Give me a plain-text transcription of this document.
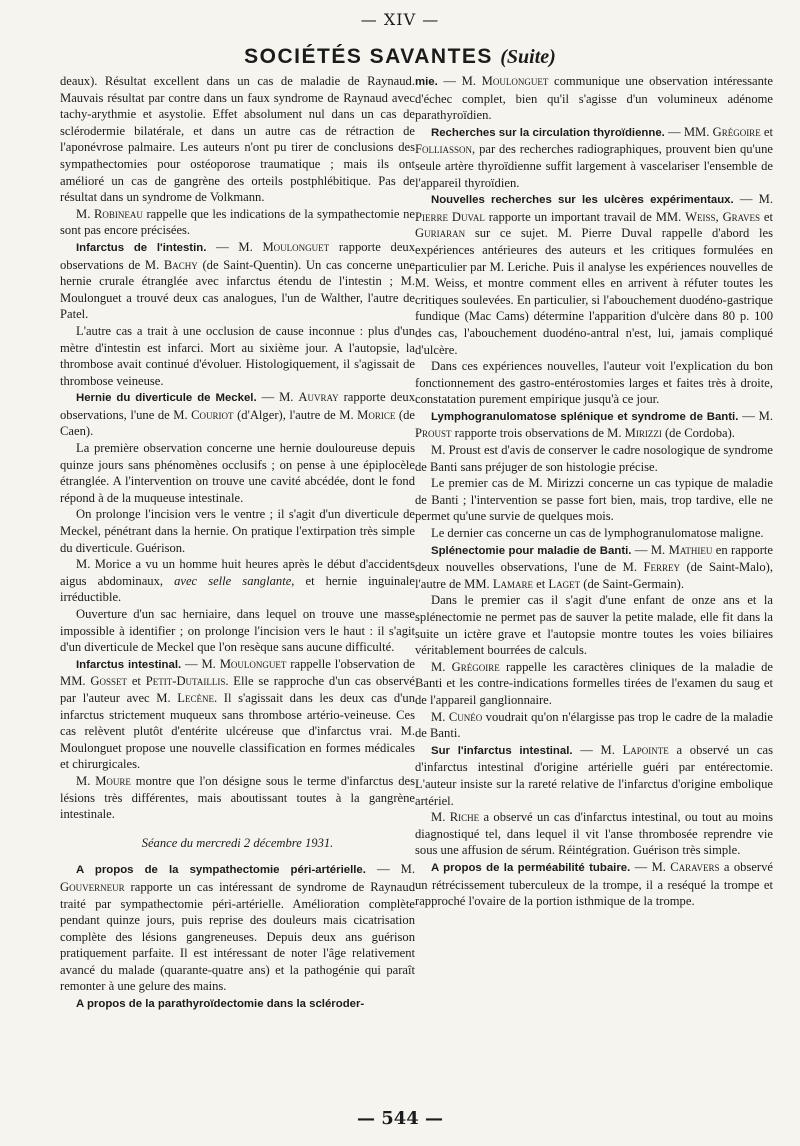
— XIV —
SOCIÉTÉS SAVANTES (Suite)

deaux). Résultat excellent dans un cas de maladie de Raynaud. Mauvais résultat par contre dans un faux syndrome de Raynaud avec tachy-arythmie et asystolie. Effet absolument nul dans un cas de sclérodermie bilatérale, et dans un autre cas de rétraction de l'aponévrose palmaire. Les auteurs n'ont pu tirer de conclusions des sympathectomies pour ostéoporose traumatique ; mais ils ont amélioré un cas de gangrène des orteils postphlébitique. Pas de résultat dans un syndrome de Volkmann.

M. Robineau rappelle que les indications de la sympathectomie ne sont pas encore précisées.

Infarctus de l'intestin. — M. Moulonguet rapporte deux observations de M. Bachy (de Saint-Quentin). Un cas concerne une hernie crurale étranglée avec infarctus étendu de l'intestin ; M. Moulonguet a trouvé deux cas analogues, l'un de Walther, l'autre de Patel.

L'autre cas a trait à une occlusion de cause inconnue : plus d'un mètre d'intestin est infarci. Mort au sixième jour. A l'autopsie, la thrombose avait continué d'évoluer. Histologiquement, il s'agissait de thrombose veineuse.

Hernie du diverticule de Meckel. — M. Auvray rapporte deux observations, l'une de M. Couriot (d'Alger), l'autre de M. Morice (de Caen).

La première observation concerne une hernie douloureuse depuis quinze jours sans phénomènes occlusifs ; on pense à une épiplocèle étranglée. A l'intervention on trouve une cavité abcédée, dont le fond répond à de la muqueuse intestinale.

On prolonge l'incision vers le ventre ; il s'agit d'un diverticule de Meckel, pénétrant dans la hernie. On pratique l'extirpation très simple du diverticule. Guérison.

M. Morice a vu un homme huit heures après le début d'accidents aigus abdominaux, avec selle sanglante, et hernie inguinale irréductible.

Ouverture d'un sac herniaire, dans lequel on trouve une masse impossible à identifier ; on prolonge l'incision vers le haut : il s'agit d'un diverticule de Meckel que l'on resèque sans aucune difficulté.

Infarctus intestinal. — M. Moulonguet rappelle l'observation de MM. Gosset et Petit-Dutaillis. Elle se rapproche d'un cas observé par l'auteur avec M. Lecène. Il s'agissait dans les deux cas d'un infarctus strictement muqueux sans thrombose artério-veineuse. Ces cas relèvent plutôt d'entérite ulcéreuse que d'infarctus vrai. M. Moulonguet propose une nouvelle classification en formes médicales et chirurgicales.

M. Moure montre que l'on désigne sous le terme d'infarctus des lésions très différentes, mais aboutissant toutes à la gangrène intestinale.

Séance du mercredi 2 décembre 1931.

A propos de la sympathectomie péri-artérielle. — M. Gouverneur rapporte un cas intéressant de syndrome de Raynaud traité par sympathectomie péri-artérielle. Amélioration complète pendant quinze jours, puis reprise des douleurs mais cicatrisation complète des lésions gangreneuses. Depuis deux ans guérison pratiquement parfaite. Il est intéressant de noter l'âge relativement avancé du malade (quarante-quatre ans) et la pathogénie qui paraît remonter à une gelure des mains.

A propos de la parathyroïdectomie dans la scléroder-

mie. — M. Moulonguet communique une observation intéressante d'échec complet, bien qu'il s'agisse d'un volumineux adénome parathyroïdien.

Recherches sur la circulation thyroïdienne. — MM. Grégoire et Folliasson, par des recherches radiographiques, prouvent bien qu'une seule artère thyroïdienne suffit largement à vascelariser l'ensemble de l'appareil thyroïdien.

Nouvelles recherches sur les ulcères expérimentaux. — M. Pierre Duval rapporte un important travail de MM. Weiss, Graves et Guriaran sur ce sujet. M. Pierre Duval rappelle d'abord les expériences antérieures des auteurs et les critiques formulées en particulier par M. Leriche. Puis il analyse les expériences nouvelles de M. Weiss, et montre comment elles en arrivent à réfuter toutes les critiques soulevées. En particulier, si l'abouchement duodéno-gastrique fundique (Mac Cams) détermine l'apparition d'ulcère dans 80 p. 100 des cas, l'abouchement duodéno-antral n'est, lui, jamais compliqué d'ulcère.

Dans ces expériences nouvelles, l'auteur voit l'explication du bon fonctionnement des gastro-entérostomies larges et faites très à droite, constatation purement empirique jusqu'à ce jour.

Lymphogranulomatose splénique et syndrome de Banti. — M. Proust rapporte trois observations de M. Mirizzi (de Cordoba).

M. Proust est d'avis de conserver le cadre nosologique de syndrome de Banti sans préjuger de son histologie précise.

Le premier cas de M. Mirizzi concerne un cas typique de maladie de Banti ; l'intervention se passe fort bien, mais, trop tardive, elle ne permet qu'une survie de quelques mois.

Le dernier cas concerne un cas de lymphogranulomatose maligne.

Splénectomie pour maladie de Banti. — M. Mathieu en rapporte deux nouvelles observations, l'une de M. Ferrey (de Saint-Malo), l'autre de MM. Lamare et Laget (de Saint-Germain).

Dans le premier cas il s'agit d'une enfant de onze ans et la splénectomie ne permet pas de sauver la petite malade, elle fit dans la suite un ictère grave et l'autopsie montre toutes les voies biliaires véritablement bourrées de calculs.

M. Grégoire rappelle les caractères cliniques de la maladie de Banti et les contre-indications formelles tirées de l'examen du saug et de l'appareil ganglionnaire.

M. Cunéo voudrait qu'on n'élargisse pas trop le cadre de la maladie de Banti.

Sur l'infarctus intestinal. — M. Lapointe a observé un cas d'infarctus intestinal d'origine artérielle guéri par entérectomie. L'auteur insiste sur la rareté relative de l'infarctus d'origine embolique artériel.

M. Riche a observé un cas d'infarctus intestinal, ou tout au moins diagnostiqué tel, dans lequel il vit l'anse thrombosée reprendre vie sous une affusion de sérum. Réintégration. Guérison très simple.

A propos de la perméabilité tubaire. — M. Caravers a observé un rétrécissement tuberculeux de la trompe, il a reséqué la trompe et rapproché l'ovaire de la portion isthmique de la trompe.

— 544 —
